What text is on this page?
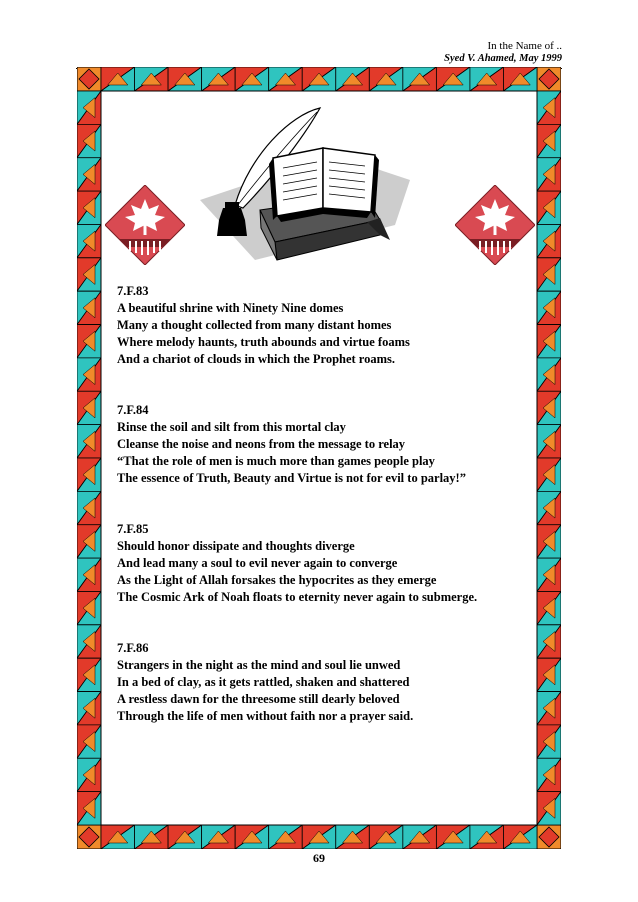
In the Name of ..
Syed V. Ahamed, May 1999
7.F.83
A beautiful shrine with Ninety Nine domes
Many a thought collected from many distant homes
Where melody haunts, truth abounds and virtue foams
And a chariot of clouds in which the Prophet roams.
7.F.84
Rinse the soil and silt from this mortal clay
Cleanse the noise and neons from the message to relay
“That the role of men is much more than games people play
The essence of Truth, Beauty and Virtue is not for evil to parlay!”
7.F.85
Should honor dissipate and thoughts diverge
And lead many a soul to evil never again to converge
As the Light of Allah forsakes the hypocrites as they emerge
The Cosmic Ark of Noah floats to eternity never again to submerge.
7.F.86
Strangers in the night as the mind and soul lie unwed
In a bed of clay, as it gets rattled, shaken and shattered
A restless dawn for the threesome still dearly beloved
Through the life of men without faith nor a prayer said.
69
